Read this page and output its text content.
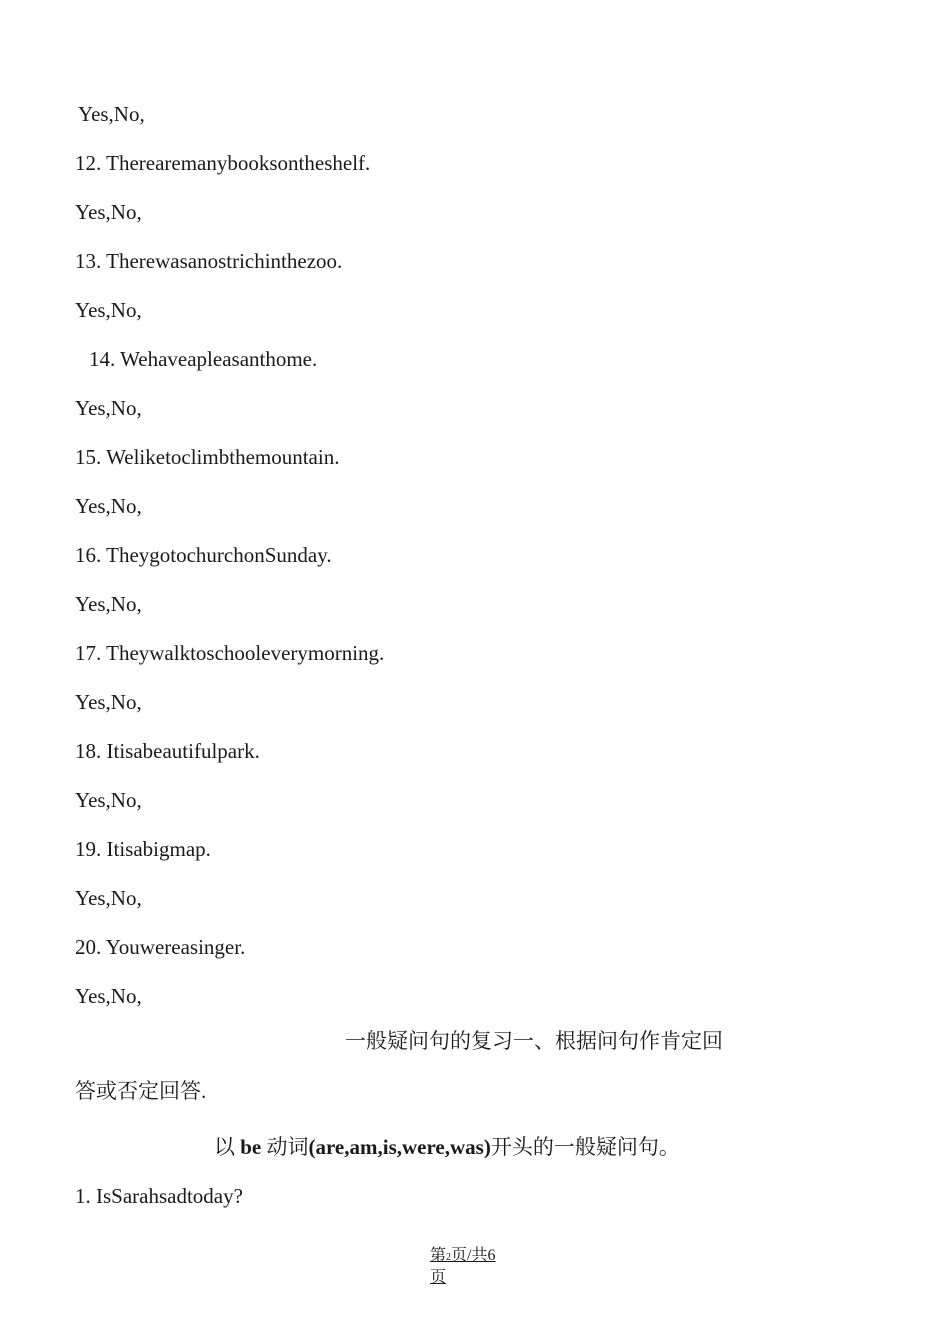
Yes,No,
12. Therearemanybooksontheshelf.
Yes,No,
13. Therewasanostrichinthezoo.
Yes,No,
14. Wehaveapleasanthome.
Yes,No,
15. Weliketoclimbthemountain.
Yes,No,
16. TheygotochurchonSunday.
Yes,No,
17. Theywalktoschooleverymorning.
Yes,No,
18. Itisabeautifulpark.
Yes,No,
19. Itisabigmap.
Yes,No,
20. Youwereasinger.
Yes,No,
一般疑问句的复习一、根据问句作肯定回
答或否定回答.
以 be 动词(are,am,is,were,was)开头的一般疑问句。
1. IsSarahsadtoday?
第2页/共6
页
